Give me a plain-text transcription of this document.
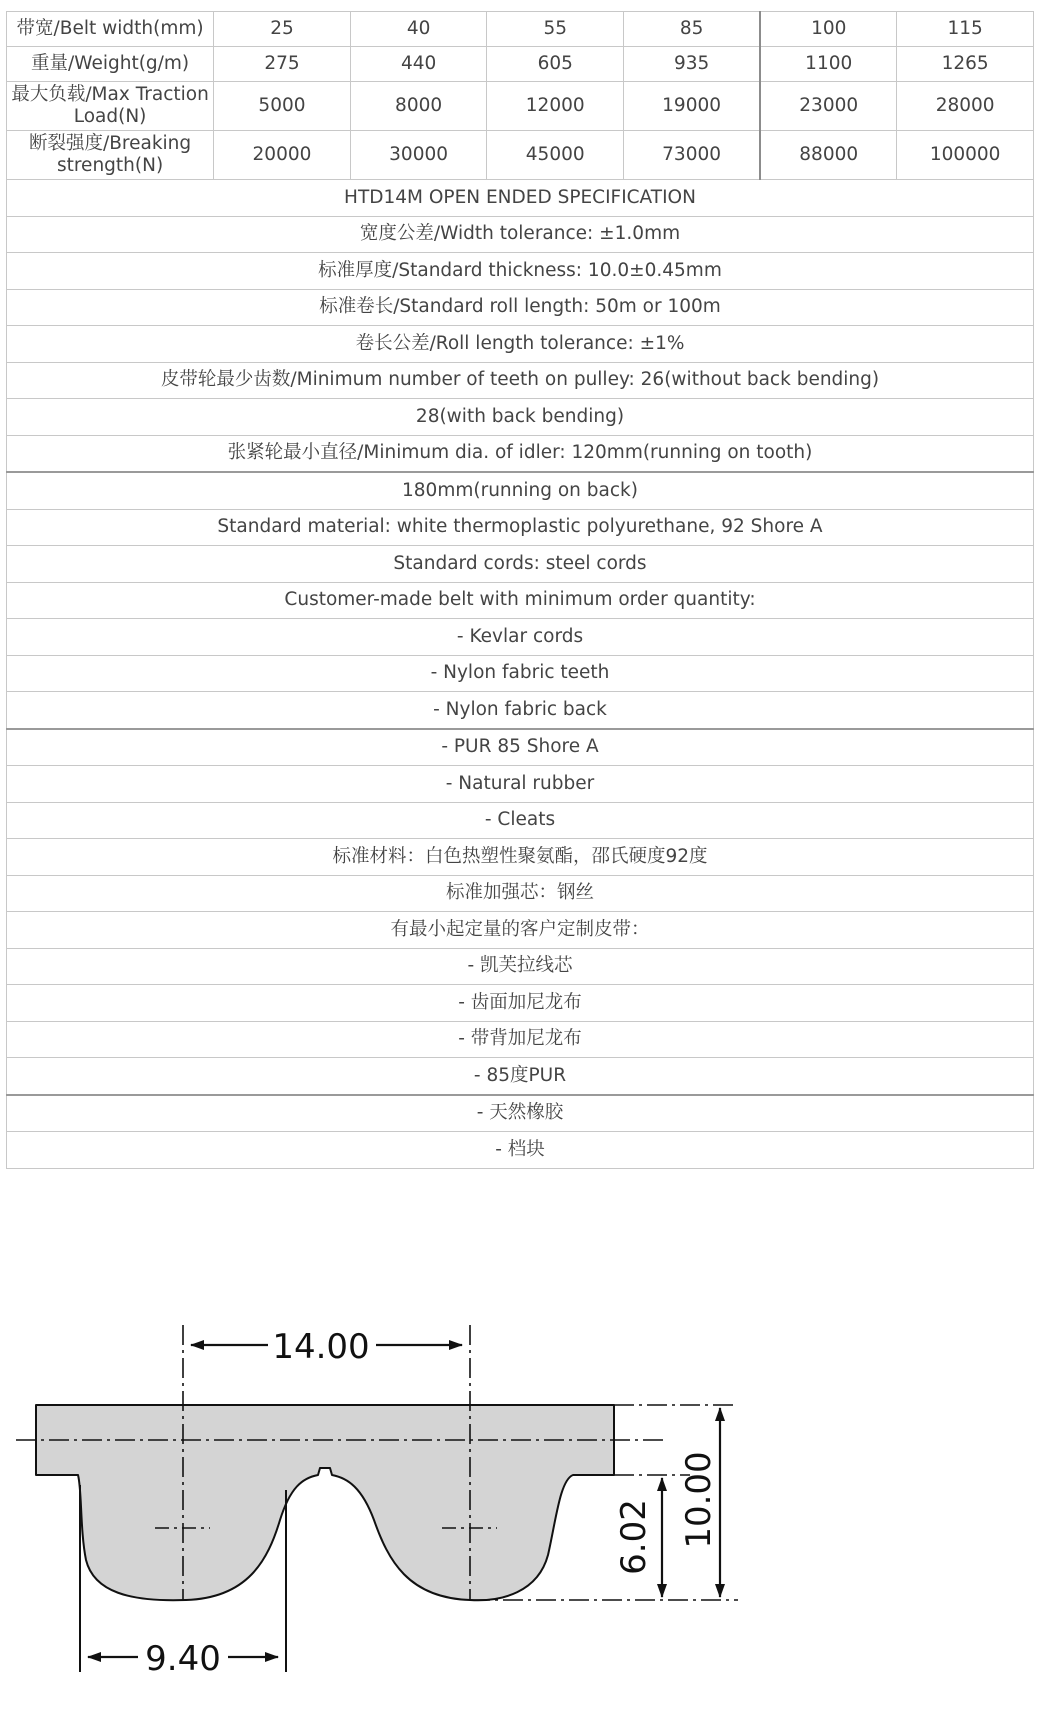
带宽/Belt width(mm)	25	40	55	85	100	115
重量/Weight(g/m)	275	440	605	935	1100	1265
最大负载/Max Traction Load(N)	5000	8000	12000	19000	23000	28000
断裂强度/Breaking strength(N)	20000	30000	45000	73000	88000	100000
HTD14M OPEN ENDED SPECIFICATION						
宽度公差/Width tolerance: ±1.0mm						
标准厚度/Standard thickness: 10.0±0.45mm						
标准卷长/Standard roll length: 50m or 100m						
卷长公差/Roll length tolerance: ±1%						
皮带轮最少齿数/Minimum number of teeth on pulley: 26(without back bending)						
28(with back bending)						
张紧轮最小直径/Minimum dia. of idler: 120mm(running on tooth)						
180mm(running on back)						
Standard material: white thermoplastic polyurethane, 92 Shore A						
Standard cords: steel cords						
Customer-made belt with minimum order quantity:						
- Kevlar cords						
- Nylon fabric teeth						
- Nylon fabric back						
- PUR 85 Shore A						
- Natural rubber						
- Cleats						
标准材料：白色热塑性聚氨酯，邵氏硬度92度						
标准加强芯：钢丝						
有最小起定量的客户定制皮带：						
- 凯芙拉线芯						
- 齿面加尼龙布						
- 带背加尼龙布						
- 85度PUR						
- 天然橡胶						
- 档块						
14.00
9.40
10.00
6.02
